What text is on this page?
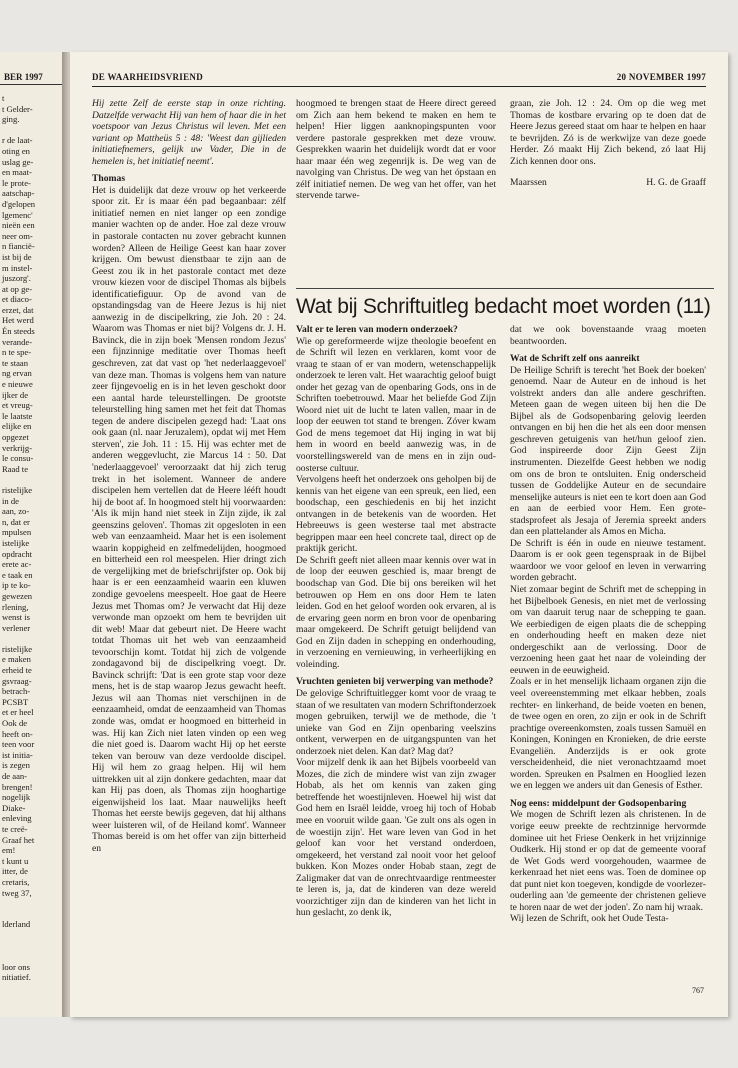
BER 1997
t
t Gelder-
ging.

r de laat-
oting en
uslag ge-
en maat-
le prote-
aatschap-
d'gelopen
lgemenc'
nieën een
neer om-
n fiancië-
ist bij de
m instel-
juszorg'.
at op ge-
et diaco-
erzet, dat
Het werd
Én steeds
verande-
n te spe-
te staan
ng ervan
e nieuwe
ijker de
et vreug-
le laatste
elijke en
opgezet
verkrijg-
le consu-
Raad te

ristelijke
in de
aan, zo-
n, dat er
mpulsen
istelijke
opdracht
erete ac-
e taak en
ip te ko-
gewezen
rlening,
wenst is
verlener

ristelijke
e maken
erheid te
gsvraag-
betrach-
PCSBT
et er heel
Ook de
heeft on-
teen voor
ist initia-
is zegen
de aan-
brengen!
nogelijk
Diake-
enleving
te creë-
Graaf het
em!
t kunt u
itter, de
cretaris,
tweg 37,

lderland

loor ons
nitiatief.
DE WAARHEIDSVRIEND	20 NOVEMBER 1997

Hij zette Zelf de eerste stap in onze richting. Datzelfde verwacht Hij van hem of haar die in het voetspoor van Jezus Christus wil leven. Met een variant op Mattheüs 5 : 48: 'Weest dan gijlieden initiatiefnemers, gelijk uw Vader, Die in de hemelen is, het initiatief neemt'.

Thomas

Het is duidelijk dat deze vrouw op het verkeerde spoor zit. Er is maar één pad begaanbaar: zélf initiatief nemen en niet langer op een zondige manier wachten op de ander. Hoe zal deze vrouw in pastorale contacten nu zover gebracht kunnen worden? Alleen de Heilige Geest kan haar zover krijgen. Om bewust dienstbaar te zijn aan de Geest zou ik in het pastorale contact met deze vrouw kiezen voor de discipel Thomas als bijbels identificatiefiguur. Op de avond van de opstandingsdag van de Heere Jezus is hij niet aanwezig in de discipelkring, zie Joh. 20 : 24. Waarom was Thomas er niet bij? Volgens dr. J. H. Bavinck, die in zijn boek 'Mensen rondom Jezus' een fijnzinnige meditatie over Thomas heeft geschreven, zat dat vast op 'het nederlaaggevoel' van deze man. Thomas is volgens hem van nature zeer fijngevoelig en is in het leven geschokt door een aantal harde teleurstellingen. De grootste teleurstelling hing samen met het feit dat Thomas tegen de andere discipelen gezegd had: 'Laat ons ook gaan (nl. naar Jeruzalem), opdat wij met Hem sterven', zie Joh. 11 : 15. Hij was echter met de anderen weggevlucht, zie Marcus 14 : 50. Dat 'nederlaaggevoel' veroorzaakt dat hij zich terug trekt in het isolement. Wanneer de andere discipelen hem vertellen dat de Heere lééft houdt hij de boot af. In hoogmoed stelt hij voorwaarden: 'Als ik mijn hand niet steek in Zijn zijde, ik zal geenszins geloven'. Thomas zit opgesloten in een web van eenzaamheid. Maar het is een isolement waarin koppigheid en zelfmedelijden, hoogmoed en bitterheid een rol meespelen. Hier dringt zich de vergelijking met de briefschrijfster op. Ook bij haar is er een eenzaamheid waarin een kluwen zondige gevoelens meespeelt. Hoe gaat de Heere Jezus met Thomas om? Je verwacht dat Hij deze verwonde man opzoekt om hem te bevrijden uit dit web! Maar dat gebeurt niet. De Heere wacht totdat Thomas uit het web van eenzaamheid tevoorschijn komt. Totdat hij zich de volgende zondagavond bij de discipelkring voegt. Dr. Bavinck schrijft: 'Dat is een grote stap voor deze mens, het is de stap waarop Jezus gewacht heeft. Jezus wil aan Thomas niet verschijnen in de eenzaamheid, omdat de eenzaamheid van Thomas zonde was, omdat er hoogmoed en bitterheid in was. Hij kan Zich niet laten vinden op een weg die niet goed is. Daarom wacht Hij op het eerste teken van berouw van deze verdoolde discipel. Hij wil hem zo graag helpen. Hij wil hem uittrekken uit al zijn donkere gedachten, maar dat kan Hij pas doen, als Thomas zijn hooghartige eigenwijsheid los laat. Maar nauwelijks heeft Thomas het eerste bewijs gegeven, dat hij althans weer luisteren wil, of de Heiland komt'. Wanneer Thomas bereid is om het offer van zijn bitterheid en

hoogmoed te brengen staat de Heere direct gereed om Zich aan hem bekend te maken en hem te helpen! Hier liggen aanknopingspunten voor verdere pastorale gesprekken met deze vrouw. Gesprekken waarin het duidelijk wordt dat er voor haar maar één weg zegenrijk is. De weg van de navolging van Christus. De weg van het ópstaan en zélf initiatief nemen. De weg van het offer, van het stervende tarwe-

graan, zie Joh. 12 : 24. Om op die weg met Thomas de kostbare ervaring op te doen dat de Heere Jezus gereed staat om haar te helpen en haar te bevrijden. Zó is de werkwijze van deze goede Herder. Zó maakt Hij Zich bekend, zó laat Hij Zich kennen door ons.

Maarssen	H. G. de Graaff
Wat bij Schriftuitleg bedacht moet worden (11)

Valt er te leren van modern onderzoek?

Wie op gereformeerde wijze theologie beoefent en de Schrift wil lezen en verklaren, komt voor de vraag te staan of er van modern, wetenschappelijk onderzoek te leren valt. Het waarachtig geloof buigt onder het gezag van de openbaring Gods, ons in de Schriften toebetrouwd. Maar het beliefde God Zijn Woord niet uit de lucht te laten vallen, maar in de loop der eeuwen tot stand te brengen. Zóver kwam God de mens tegemoet dat Hij inging in wat bij hem in woord en beeld aanwezig was, in de voorstellingswereld van de mens en in zijn oud-oosterse cultuur.

Vervolgens heeft het onderzoek ons geholpen bij de kennis van het eigene van een spreuk, een lied, een boodschap, een geschiedenis en bij het inzicht ontvangen in de betekenis van de woorden. Het Hebreeuws is geen westerse taal met abstracte begrippen maar een heel concrete taal, direct op de praktijk gericht.

De Schrift geeft niet alleen maar kennis over wat in de loop der eeuwen geschied is, maar brengt de boodschap van God. Die bij ons bereiken wil het betrouwen op Hem en ons door Hem te laten leiden. God en het geloof worden ook ervaren, al is de ervaring geen norm en bron voor de openbaring maar omgekeerd. De Schrift getuigt belijdend van God en Zijn daden in schepping en onderhouding, in verzoening en vernieuwing, in verheerlijking en voleinding.

Vruchten genieten bij verwerping van methode?

De gelovige Schriftuitlegger komt voor de vraag te staan of we resultaten van modern Schriftonderzoek mogen gebruiken, terwijl we de methode, die 't unieke van God en Zijn openbaring veelszins ontkent, verwerpen en de uitgangspunten van het onderzoek niet delen. Kan dat? Mag dat?

Voor mijzelf denk ik aan het Bijbels voorbeeld van Mozes, die zich de mindere wist van zijn zwager Hobab, als het om kennis van zaken ging betreffende het woestijnleven. Hoewel hij wist dat God hem en Israël leidde, vroeg hij toch of Hobab mee en vooruit wilde gaan. 'Ge zult ons als ogen in de woestijn zijn'. Het ware leven van God in het geloof kan voor het verstand onderdoen, omgekeerd, het verstand zal nooit voor het geloof bukken. Kon Mozes onder Hobab staan, zegt de Zaligmaker dat van de onrechtvaardige rentmeester te leren is, ja, dat de kinderen van deze wereld voorzichtiger zijn dan de kinderen van het licht in hun geslacht, zo denk ik,

dat we ook bovenstaande vraag moeten beantwoorden.

Wat de Schrift zelf ons aanreikt

De Heilige Schrift is terecht 'het Boek der boeken' genoemd. Naar de Auteur en de inhoud is het volstrekt anders dan alle andere geschriften. Meteen gaan de wegen uiteen bij hen die De Bijbel als de Godsopenbaring gelovig leerden ontvangen en bij hen die het als een door mensen geschreven getuigenis van het/hun geloof zien. God inspireerde door Zijn Geest Zijn instrumenten. Diezelfde Geest hebben we nodig om ons de bron te ontsluiten. Enig onderscheid tussen de Goddelijke Auteur en de secundaire menselijke auteurs is niet een te kort doen aan God en aan de eerbied voor Hem. Een grote-stadsprofeet als Jesaja of Jeremia spreekt anders dan een plattelander als Amos en Micha.

De Schrift is één in oude en nieuwe testament. Daarom is er ook geen tegenspraak in de Bijbel waardoor we voor geloof en leven in verwarring worden gebracht.

Niet zomaar begint de Schrift met de schepping in het Bijbelboek Genesis, en niet met de verlossing om van daaruit terug naar de schepping te gaan. We eerbiedigen de eigen plaats die de schepping en onderhouding heeft en maken deze niet ondergeschikt aan de verlossing. Door de verzoening heen gaat het naar de voleinding der eeuwen in de eeuwigheid.

Zoals er in het menselijk lichaam organen zijn die veel overeenstemming met elkaar hebben, zoals rechter- en linkerhand, de beide voeten en benen, de twee ogen en oren, zo zijn er ook in de Schrift prachtige overeenkomsten, zoals tussen Samuël en Koningen, Koningen en Kronieken, de drie eerste Evangeliën. Anderzijds is er ook grote verscheidenheid, die niet veronachtzaamd moet worden. Spreuken en Psalmen en Hooglied lezen we en leggen we anders uit dan Genesis of Esther.

Nog eens: middelpunt der Godsopenbaring

We mogen de Schrift lezen als christenen. In de vorige eeuw preekte de rechtzinnige hervormde dominee uit het Friese Oenkerk in het vrijzinnige Oudkerk. Hij stond er op dat de gemeente vooraf de Wet Gods werd voorgehouden, waarmee de kerkenraad het niet eens was. Toen de dominee op dat punt niet kon toegeven, kondigde de voorlezer-ouderling aan 'de gemeente der christenen gelieve te horen naar de wet der joden'. Zo nam hij wraak.

Wij lezen de Schrift, ook het Oude Testa-

767
